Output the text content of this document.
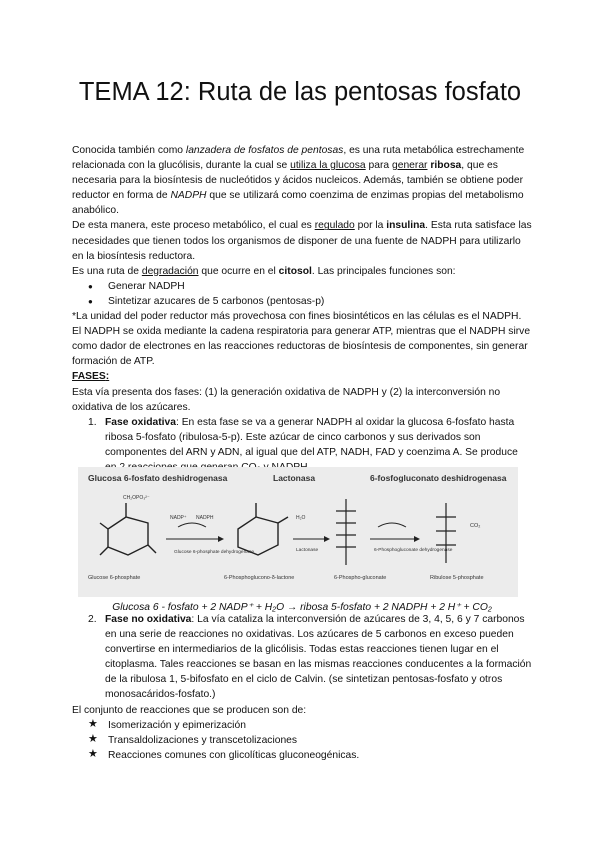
TEMA 12: Ruta de las pentosas fosfato

Conocida también como lanzadera de fosfatos de pentosas, es una ruta metabólica estrechamente relacionada con la glucólisis, durante la cual se utiliza la glucosa para generar ribosa, que es necesaria para la biosíntesis de nucleótidos y ácidos nucleicos. Además, también se obtiene poder reductor en forma de NADPH que se utilizará como coenzima de enzimas propias del metabolismo anabólico.

De esta manera, este proceso metabólico, el cual es regulado por la insulina. Esta ruta satisface las necesidades que tienen todos los organismos de disponer de una fuente de NADPH para utilizarlo en la biosíntesis reductora.

Es una ruta de degradación que ocurre en el citosol. Las principales funciones son:

● Generar NADPH
● Sintetizar azucares de 5 carbonos (pentosas-p)

*La unidad del poder reductor más provechosa con fines biosintéticos en las células es el NADPH. El NADPH se oxida mediante la cadena respiratoria para generar ATP, mientras que el NADPH sirve como dador de electrones en las reacciones reductoras de biosíntesis de componentes, sin generar formación de ATP.

FASES:

Esta vía presenta dos fases: (1) la generación oxidativa de NADPH y (2) la interconversión no oxidativa de los azúcares.

1. Fase oxidativa: En esta fase se va a generar NADPH al oxidar la glucosa 6-fosfato hasta ribosa 5-fosfato (ribulosa-5-p). Este azúcar de cinco carbonos y sus derivados son componentes del ARN y ADN, al igual que del ATP, NADH, FAD y coenzima A. Se produce

Glucosa 6-fosfato deshidrogenasa	Lactonasa	6-fosfogluconato deshidrogenasa
CH₂OPO₃²⁻
Glucose 6-phosphate
NADP⁺ NADPH
Glucose 6-phosphate dehydrogenase
6-Phosphoglucono-δ-lactone
H₂O
Lactonase
6-Phospho-gluconate
6-Phosphogluconate dehydrogenase
CO₂
Ribulose 5-phosphate
Glucosa 6 - fosfato + 2 NADP⁺ + H₂O → ribosa 5-fosfato + 2 NADPH + 2 H⁺ + CO₂

2. Fase no oxidativa: La vía cataliza la interconversión de azúcares de 3, 4, 5, 6 y 7 carbonos en una serie de reacciones no oxidativas. Los azúcares de 5 carbonos en exceso pueden convertirse en intermediarios de la glicólisis. Todas estas reacciones tienen lugar en el citoplasma. Tales reacciones se basan en las mismas reacciones conducentes a la formación de la ribulosa 1, 5-bifosfato en el ciclo de Calvin. (se sintetizan pentosas-fosfato y otros monosacáridos-fosfato.)

El conjunto de reacciones que se producen son de:

★ Isomerización y epimerización
★ Transaldolizaciones y transcetolizaciones
★ Reacciones comunes con glicolíticas gluconeogénicas.
